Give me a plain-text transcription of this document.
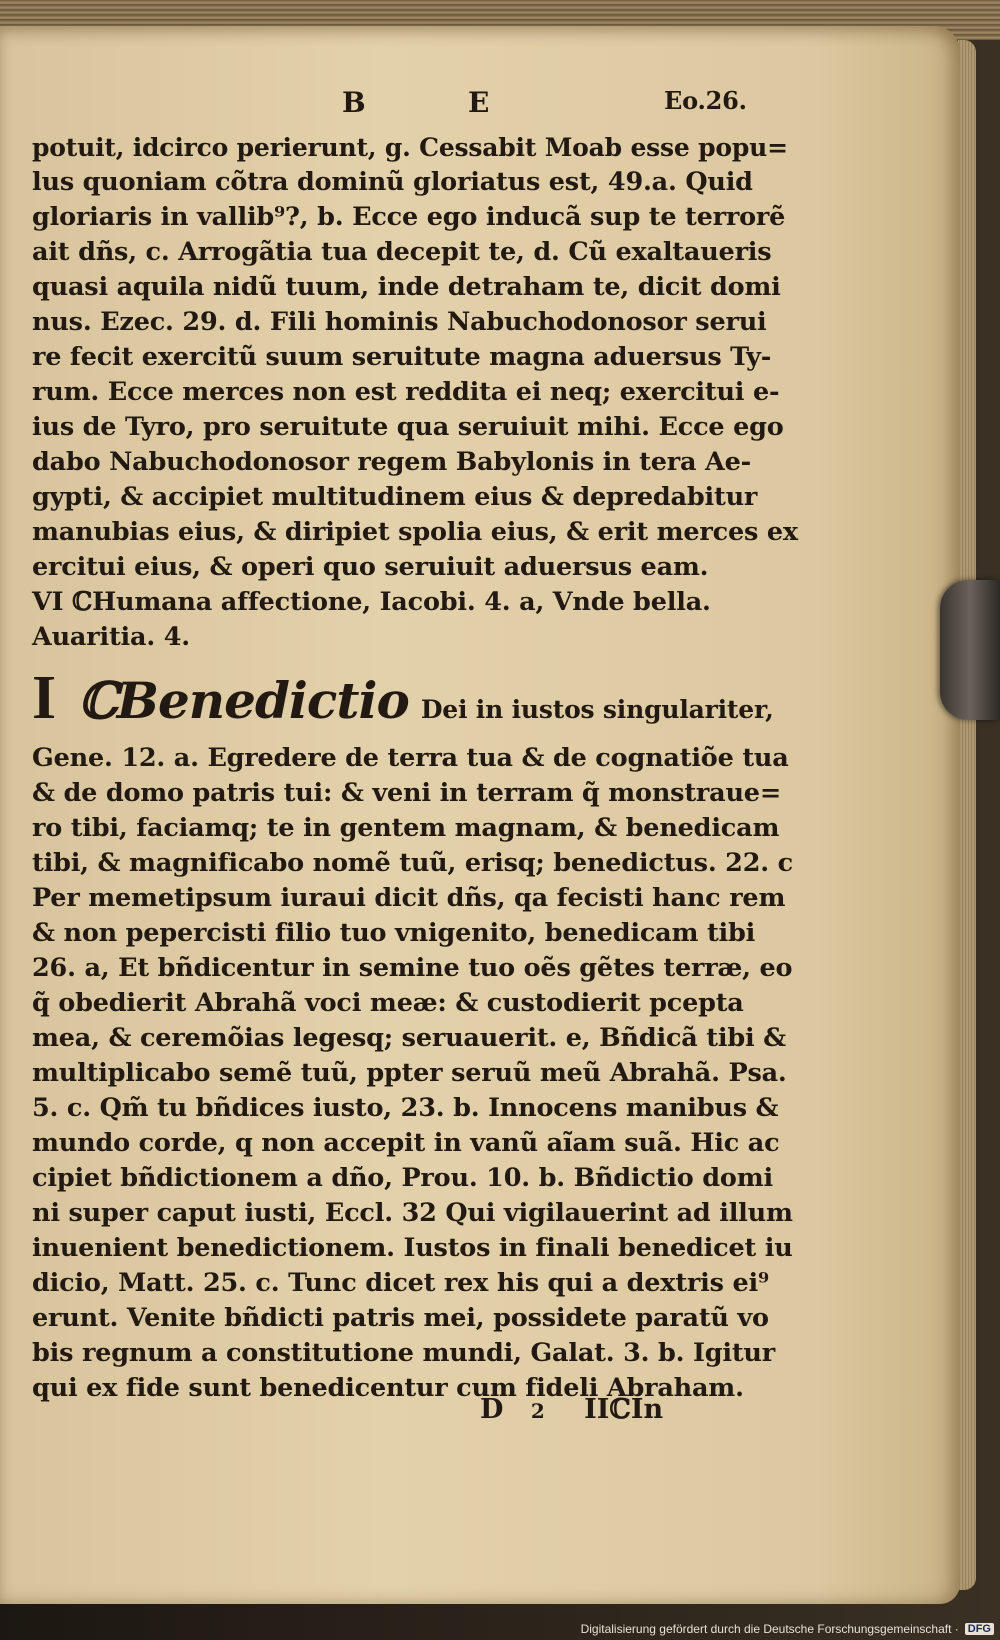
B	E	Eo.26.
potuit, idcirco perierunt, g. Cessabit Moab esse popu=
lus quoniam cõtra dominũ gloriatus est, 49.a. Quid
gloriaris in vallib⁹?, b. Ecce ego inducã sup te terrorẽ
ait dñs, c. Arrogãtia tua decepit te, d. Cũ exaltaueris
quasi aquila nidũ tuum, inde detraham te, dicit domi
nus. Ezec. 29. d. Fili hominis Nabuchodonosor serui
re fecit exercitũ suum seruitute magna aduersus Ty-
rum. Ecce merces non est reddita ei neq; exercitui e-
ius de Tyro, pro seruitute qua seruiuit mihi. Ecce ego
dabo Nabuchodonosor regem Babylonis in tera Ae-
gypti, & accipiet multitudinem eius & depredabitur
manubias eius, & diripiet spolia eius, & erit merces ex
ercitui eius, & operi quo seruiuit aduersus eam.
VI ℂHumana affectione, Iacobi. 4. a, Vnde bella.
Auaritia. 4.
I ℂBenedictio Dei in iustos singulariter,
Gene. 12. a. Egredere de terra tua & de cognatiõe tua
& de domo patris tui: & veni in terram q̃ monstraue=
ro tibi, faciamq; te in gentem magnam, & benedicam
tibi, & magnificabo nomẽ tuũ, erisq; benedictus. 22. c
Per memetipsum iuraui dicit dñs, qa fecisti hanc rem
& non pepercisti filio tuo vnigenito, benedicam tibi
26. a, Et bñdicentur in semine tuo oẽs gẽtes terræ, eo
q̃ obedierit Abrahã voci meæ: & custodierit pcepta
mea, & ceremõias legesq; seruauerit. e, Bñdicã tibi &
multiplicabo semẽ tuũ, ppter seruũ meũ Abrahã. Psa.
5. c. Qm̃ tu bñdices iusto, 23. b. Innocens manibus &
mundo corde, q non accepit in vanũ aĩam suã. Hic ac
cipiet bñdictionem a dño, Prou. 10. b. Bñdictio domi
ni super caput iusti, Eccl. 32 Qui vigilauerint ad illum
inuenient benedictionem. Iustos in finali benedicet iu
dicio, Matt. 25. c. Tunc dicet rex his qui a dextris ei⁹
erunt. Venite bñdicti patris mei, possidete paratũ vo
bis regnum a constitutione mundi, Galat. 3. b. Igitur
qui ex fide sunt benedicentur cum fideli Abraham.
D 2 IIℂIn
Digitalisierung gefördert durch die Deutsche Forschungsgemeinschaft · DFG
